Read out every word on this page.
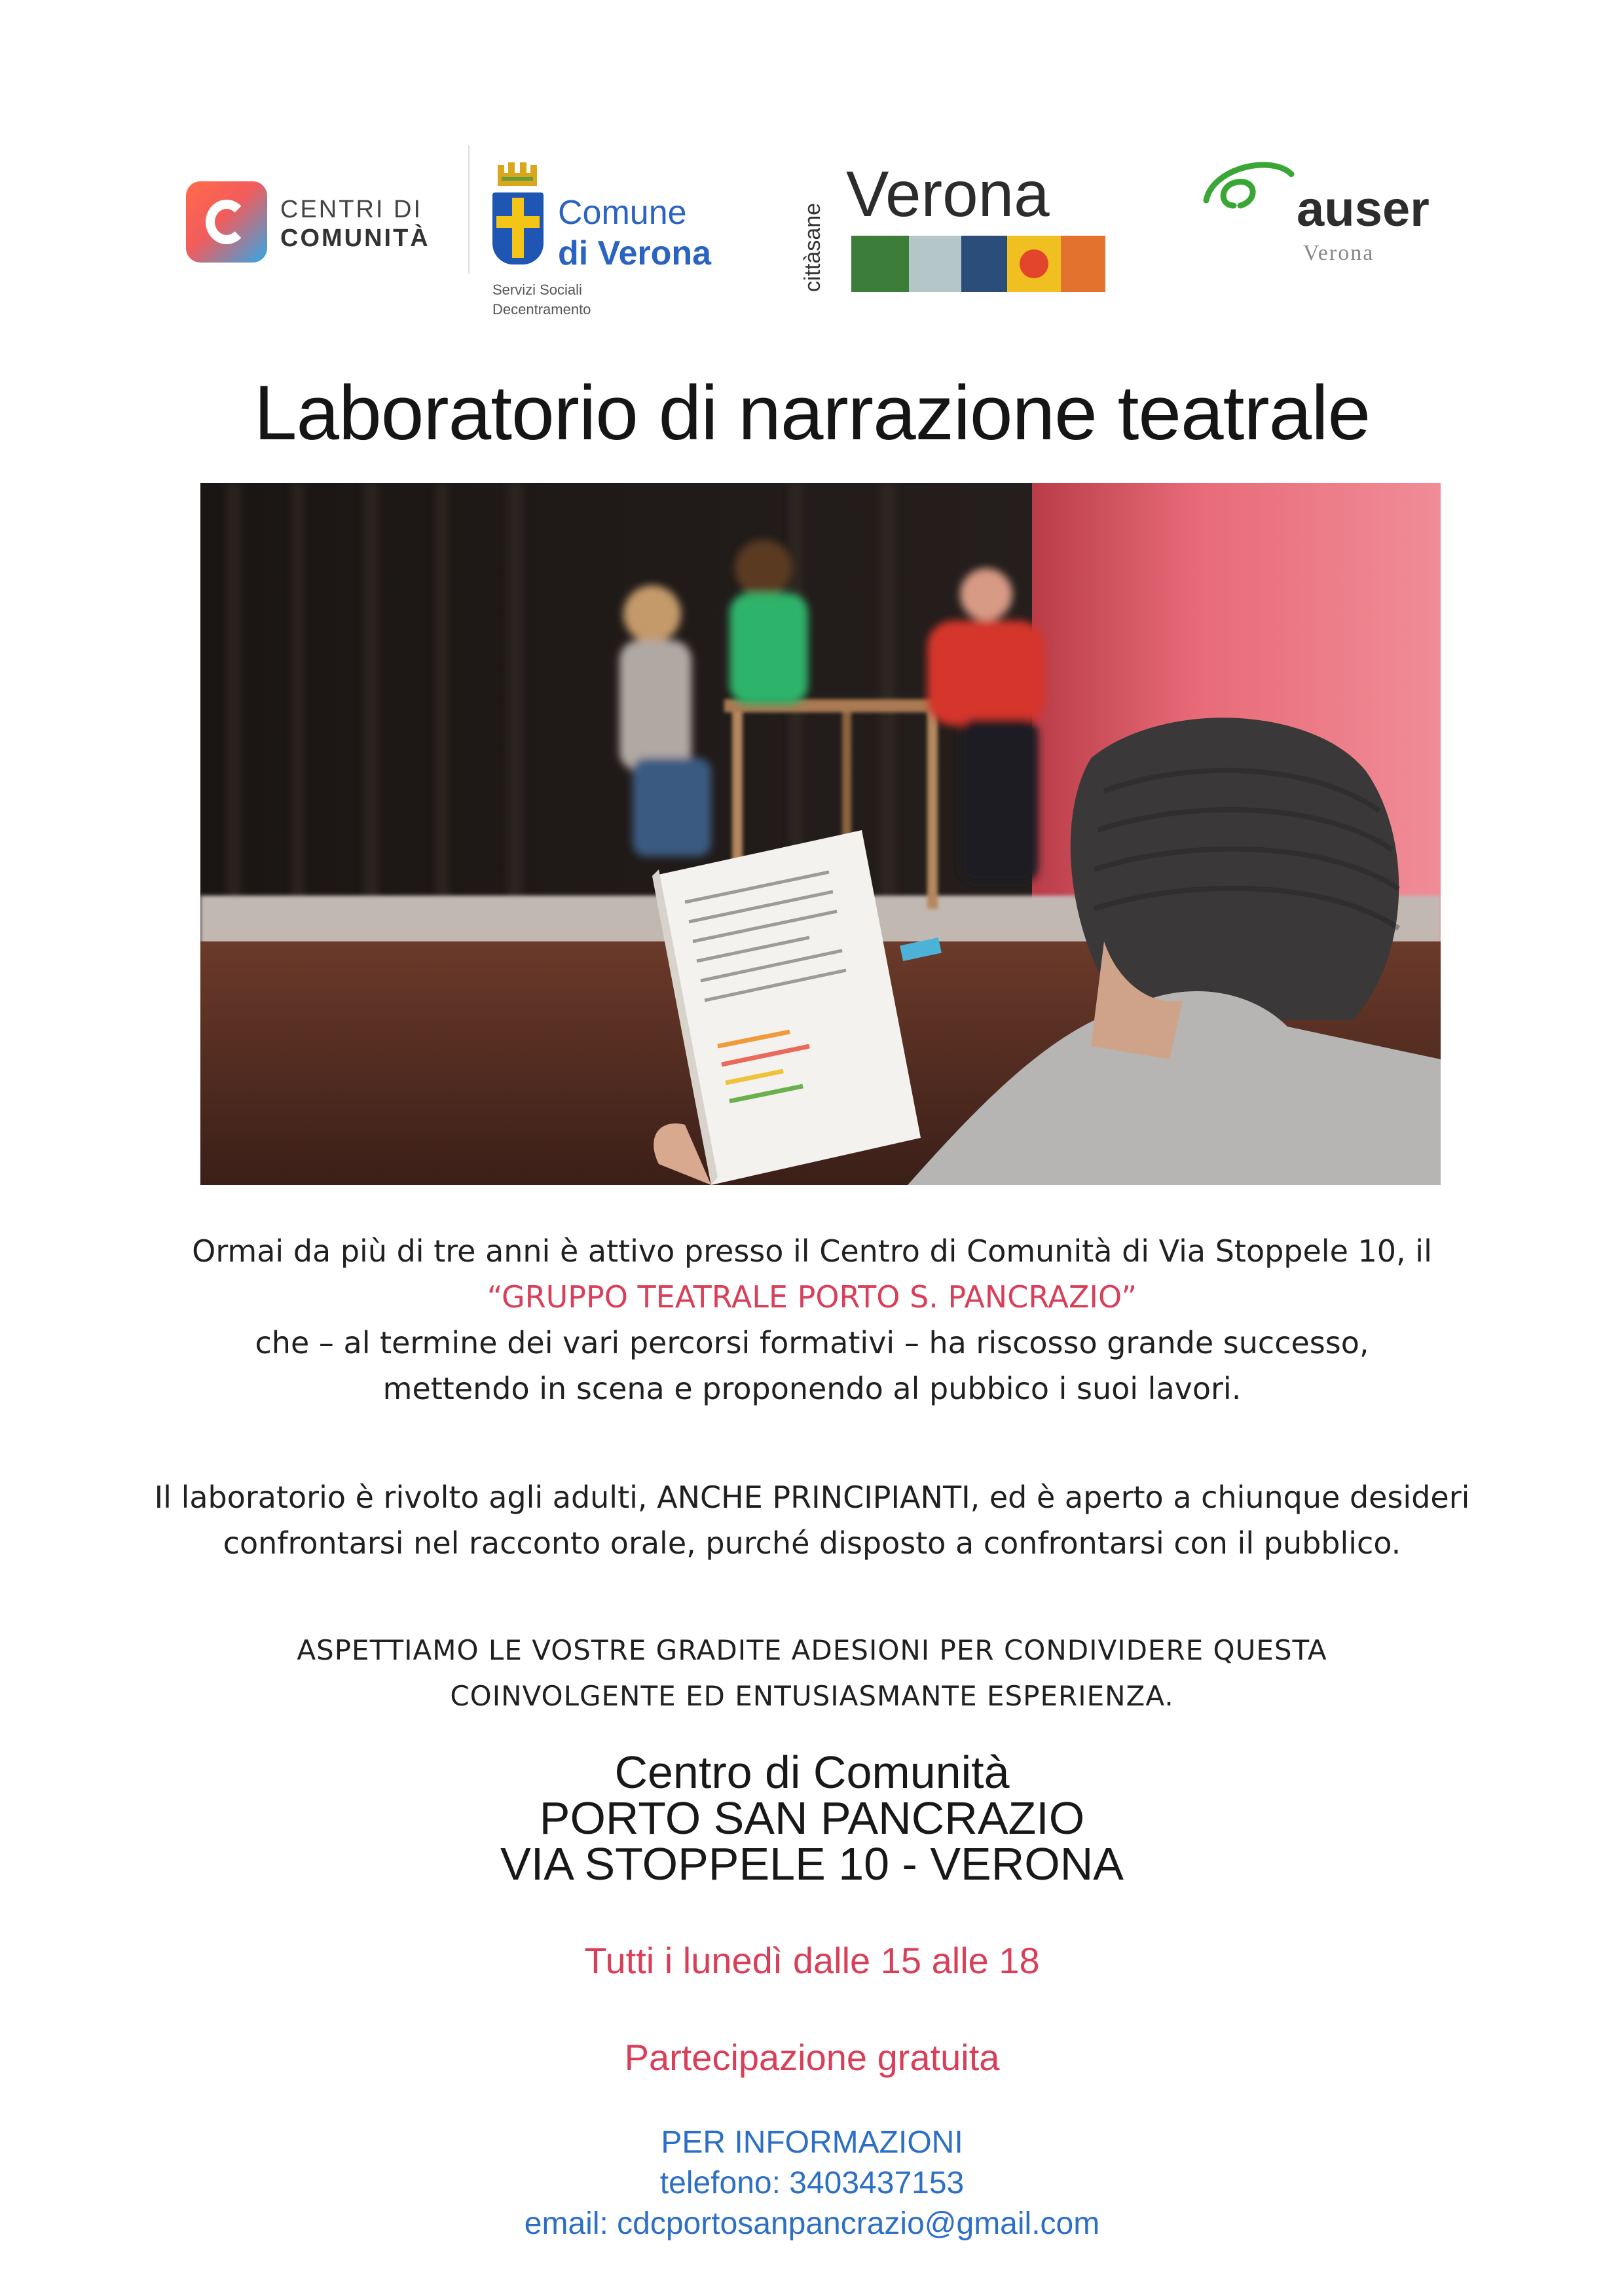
CENTRI DI
COMUNITÀ
Comune
di Verona
Servizi Sociali
Decentramento
cittàsane
Verona	auser
Verona
Laboratorio di narrazione teatrale
Ormai da più di tre anni è attivo presso il Centro di Comunità di Via Stoppele 10, il
“GRUPPO TEATRALE PORTO S. PANCRAZIO”
che – al termine dei vari percorsi formativi – ha riscosso grande successo,
mettendo in scena e proponendo al pubbico i suoi lavori.
Il laboratorio è rivolto agli adulti, ANCHE PRINCIPIANTI, ed è aperto a chiunque desideri
confrontarsi nel racconto orale, purché disposto a confrontarsi con il pubblico.
ASPETTIAMO LE VOSTRE GRADITE ADESIONI PER CONDIVIDERE QUESTA
COINVOLGENTE ED ENTUSIASMANTE ESPERIENZA.
Centro di Comunità
PORTO SAN PANCRAZIO
VIA STOPPELE 10 - VERONA
Tutti i lunedì dalle 15 alle 18
Partecipazione gratuita
PER INFORMAZIONI
telefono: 3403437153
email: cdcportosanpancrazio@gmail.com
